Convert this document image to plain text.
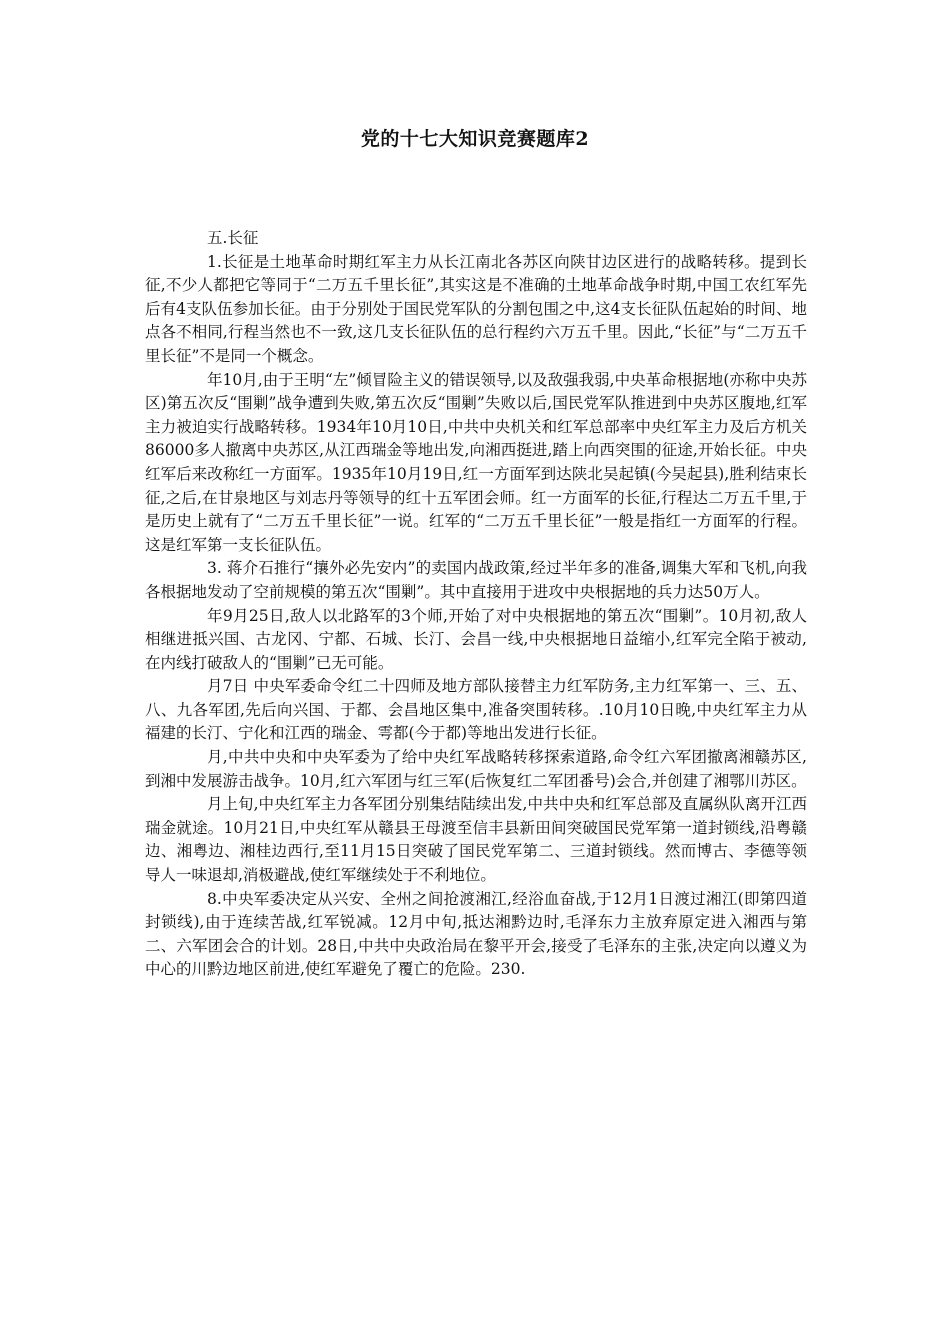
党的十七大知识竞赛题库2

五.长征

1.长征是土地革命时期红军主力从长江南北各苏区向陕甘边区进行的战略转移。提到长征,不少人都把它等同于“二万五千里长征”,其实这是不准确的土地革命战争时期,中国工农红军先后有4支队伍参加长征。由于分别处于国民党军队的分割包围之中,这4支长征队伍起始的时间、地点各不相同,行程当然也不一致,这几支长征队伍的总行程约六万五千里。因此,“长征”与“二万五千里长征”不是同一个概念。

年10月,由于王明“左”倾冒险主义的错误领导,以及敌强我弱,中央革命根据地(亦称中央苏区)第五次反“围剿”战争遭到失败,第五次反“围剿”失败以后,国民党军队推进到中央苏区腹地,红军主力被迫实行战略转移。1934年10月10日,中共中央机关和红军总部率中央红军主力及后方机关86000多人撤离中央苏区,从江西瑞金等地出发,向湘西挺进,踏上向西突围的征途,开始长征。中央红军后来改称红一方面军。1935年10月19日,红一方面军到达陕北吴起镇(今吴起县),胜利结束长征,之后,在甘泉地区与刘志丹等领导的红十五军团会师。红一方面军的长征,行程达二万五千里,于是历史上就有了“二万五千里长征”一说。红军的“二万五千里长征”一般是指红一方面军的行程。这是红军第一支长征队伍。

3. 蒋介石推行“攘外必先安内”的卖国内战政策,经过半年多的准备,调集大军和飞机,向我各根据地发动了空前规模的第五次“围剿”。其中直接用于进攻中央根据地的兵力达50万人。

年9月25日,敌人以北路军的3个师,开始了对中央根据地的第五次“围剿”。10月初,敌人相继进抵兴国、古龙冈、宁都、石城、长汀、会昌一线,中央根据地日益缩小,红军完全陷于被动,在内线打破敌人的“围剿”已无可能。

月7日 中央军委命令红二十四师及地方部队接替主力红军防务,主力红军第一、三、五、八、九各军团,先后向兴国、于都、会昌地区集中,准备突围转移。.10月10日晚,中央红军主力从福建的长汀、宁化和江西的瑞金、雩都(今于都)等地出发进行长征。

月,中共中央和中央军委为了给中央红军战略转移探索道路,命令红六军团撤离湘赣苏区,到湘中发展游击战争。10月,红六军团与红三军(后恢复红二军团番号)会合,并创建了湘鄂川苏区。

月上旬,中央红军主力各军团分别集结陆续出发,中共中央和红军总部及直属纵队离开江西瑞金就途。10月21日,中央红军从赣县王母渡至信丰县新田间突破国民党军第一道封锁线,沿粤赣边、湘粤边、湘桂边西行,至11月15日突破了国民党军第二、三道封锁线。然而博古、李德等领导人一味退却,消极避战,使红军继续处于不利地位。

8.中央军委决定从兴安、全州之间抢渡湘江,经浴血奋战,于12月1日渡过湘江(即第四道封锁线),由于连续苦战,红军锐减。12月中旬,抵达湘黔边时,毛泽东力主放弃原定进入湘西与第二、六军团会合的计划。28日,中共中央政治局在黎平开会,接受了毛泽东的主张,决定向以遵义为中心的川黔边地区前进,使红军避免了覆亡的危险。230.
